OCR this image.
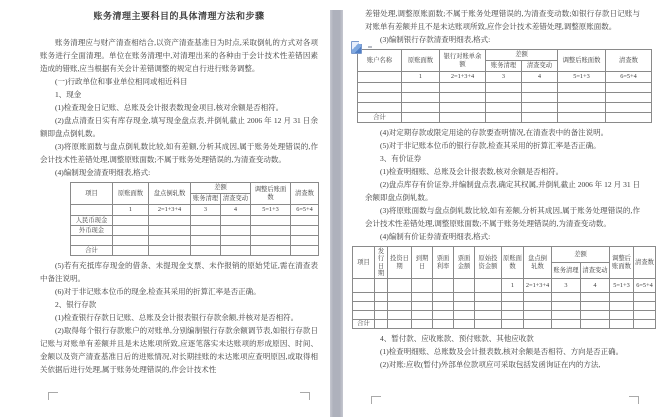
账务清理主要科目的具体清理方法和步骤

账务清理应与财产清查相结合,以资产清查基准日为时点,采取倒轧的方式对各项账务进行全面清理。单位在账务清理中,对清理出来的各种由于会计技术性差错因素造成的错账,应当根据有关会计差错调整的规定自行进行账务调整。

(一)行政单位和事业单位相同或相近科目

1、现金

(1)检查现金日记账、总账及会计报表数现金项目,核对余额是否相符。

(2)盘点清查日实有库存现金,填写现金盘点表,并倒轧截止 2006 年 12 月 31 日余额即盘点倒轧数。

(3)将原账面数与盘点倒轧数比较,如有差额,分析其成因,属于账务处理错误的,作会计技术性差错处理,调整原账面数;不属于账务处理错误的,为清查变动数。

(4)编制现金清查明细表,格式:

项目	原账面数	盘点倒轧数	差额		调整后账面数	清查数
			账务清理	清查变动		
	1	2=1+3+4	3	4	5=1+3	6=5+4
人民币现金						
外币现金						

合计						

(5)若有充抵库存现金的借条、未提现金支票、未作报销的原始凭证,需在清查表中备注说明。

(6)对于非记账本位币的现金,检查其采用的折算汇率是否正确。

2、银行存款

(1)检查银行存款日记账、总账及会计报表银行存款余额,并核对是否相符。

(2)取得每个银行存款账户的对账单,分别编制银行存款余额调节表,如银行存款日记账与对账单有差额并且是未达账项所致,应逐笔落实未达账项的形成原因、时间、金额以及资产清查基准日后的进账情况,对长期挂账的未达账项应查明原因,或取得相关依据后进行处理,属于账务处理错误的,作会计技术性

差错处理,调整原账面数;不属于账务处理错误的,为清查变动数;如银行存款日记账与对账单有差额并且不是未达账项所致,应作会计技术差错处理,调整原账面数。

(3)编制银行存款清查明细表,格式:

账户名称	原账面数	银行对账单余额	差额		调整后账面数	清查数
			账务清理	清查变动		
	1	2=1+3+4	3	4	5=1+3	6=5+4

合计						

(4)对定期存款或限定用途的存款要查明情况,在清查表中的备注说明。

(5)对于非记账本位币的银行存款,检查其采用的折算汇率是否正确。

3、有价证券

(1)检查明细账、总账及会计报表数,核对余额是否相符。

(2)盘点库存有价证券,并编制盘点表,确定其权属,并倒轧截止 2006 年 12 月 31 日余额即盘点倒轧数。

(3)将原账面数与盘点倒轧数比较,如有差额,分析其成因,属于账务处理错误的,作会计技术性差错处理,调整原账面数;不属于账务处理错误的,为清查变动数。

(4)编制有价证券清查明细表,格式:

项目	发行日期	投资日期	到期日	票面利率	票面金额	原始投资金额	原账面数	盘点倒轧数	差额		调整后账面数	清查数
									账务清理	清查变动		
							1	2=1+3+4	3	4	5=1+3	6=5+4

合计												

4、暂付款、应收账款、预付账款、其他应收款

(1)检查明细账、总账数及会计报表数,核对余额是否相符、方向是否正确。

(2)对账:应收(暂付)外部单位款项应可采取包括发函询证在内的方法,
